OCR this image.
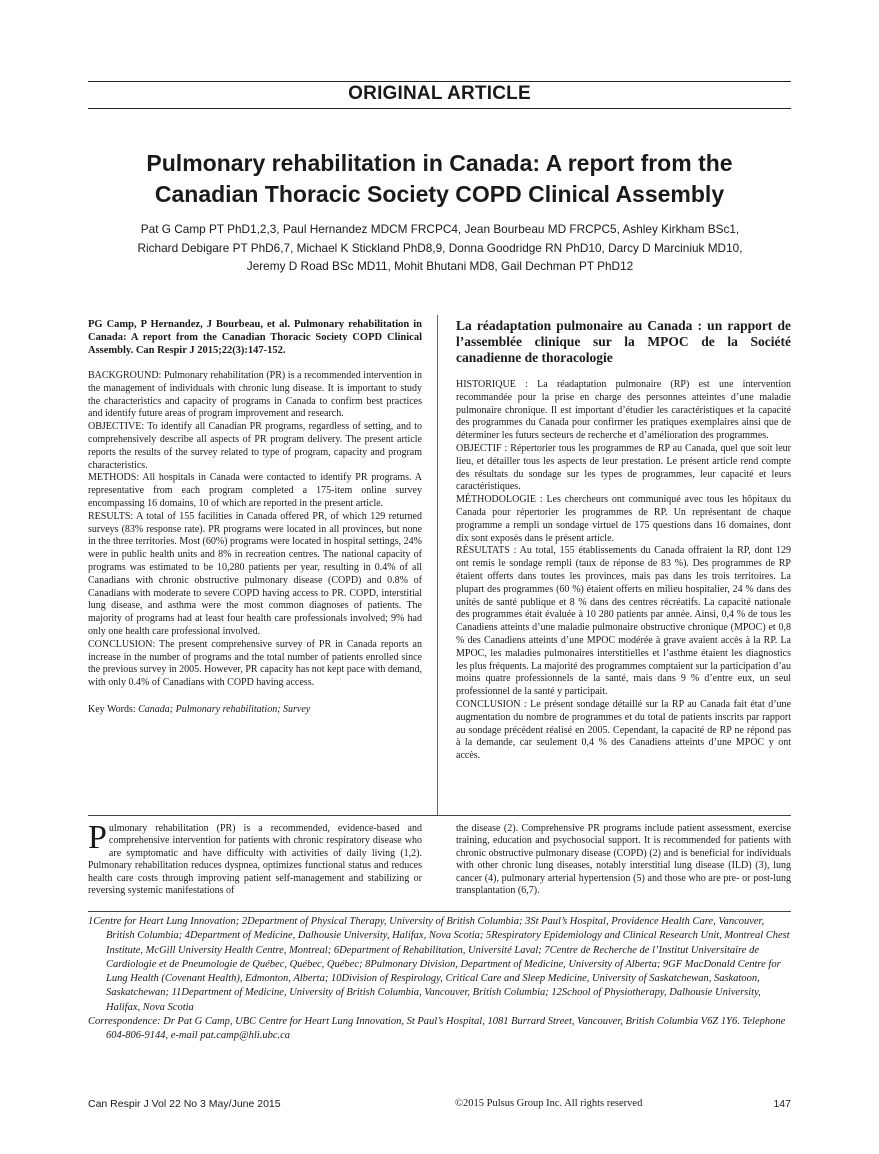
ORIGINAL ARTICLE
Pulmonary rehabilitation in Canada: A report from the
Canadian Thoracic Society COPD Clinical Assembly
Pat G Camp PT PhD1,2,3, Paul Hernandez MDCM FRCPC4, Jean Bourbeau MD FRCPC5, Ashley Kirkham BSc1,
Richard Debigare PT PhD6,7, Michael K Stickland PhD8,9, Donna Goodridge RN PhD10, Darcy D Marciniuk MD10,
Jeremy D Road BSc MD11, Mohit Bhutani MD8, Gail Dechman PT PhD12
PG Camp, P Hernandez, J Bourbeau, et al. Pulmonary rehabilitation in Canada: A report from the Canadian Thoracic Society COPD Clinical Assembly. Can Respir J 2015;22(3):147-152.

BACKGROUND: Pulmonary rehabilitation (PR) is a recommended intervention in the management of individuals with chronic lung disease. It is important to study the characteristics and capacity of programs in Canada to confirm best practices and identify future areas of program improvement and research.

OBJECTIVE: To identify all Canadian PR programs, regardless of setting, and to comprehensively describe all aspects of PR program delivery. The present article reports the results of the survey related to type of program, capacity and program characteristics.

METHODS: All hospitals in Canada were contacted to identify PR programs. A representative from each program completed a 175-item online survey encompassing 16 domains, 10 of which are reported in the present article.

RESULTS: A total of 155 facilities in Canada offered PR, of which 129 returned surveys (83% response rate). PR programs were located in all provinces, but none in the three territories. Most (60%) programs were located in hospital settings, 24% were in public health units and 8% in recreation centres. The national capacity of programs was estimated to be 10,280 patients per year, resulting in 0.4% of all Canadians with chronic obstructive pulmonary disease (COPD) and 0.8% of Canadians with moderate to severe COPD having access to PR. COPD, interstitial lung disease, and asthma were the most common diagnoses of patients. The majority of programs had at least four health care professionals involved; 9% had only one health care professional involved.

CONCLUSION: The present comprehensive survey of PR in Canada reports an increase in the number of programs and the total number of patients enrolled since the previous survey in 2005. However, PR capacity has not kept pace with demand, with only 0.4% of Canadians with COPD having access.

Key Words: Canada; Pulmonary rehabilitation; Survey

La réadaptation pulmonaire au Canada : un rapport de l’assemblée clinique sur la MPOC de la Société canadienne de thoracologie

HISTORIQUE : La réadaptation pulmonaire (RP) est une intervention recommandée pour la prise en charge des personnes atteintes d’une maladie pulmonaire chronique. Il est important d’étudier les caractéristiques et la capacité des programmes du Canada pour confirmer les pratiques exemplaires ainsi que de déterminer les futurs secteurs de recherche et d’amélioration des programmes.

OBJECTIF : Répertorier tous les programmes de RP au Canada, quel que soit leur lieu, et détailler tous les aspects de leur prestation. Le présent article rend compte des résultats du sondage sur les types de programmes, leur capacité et leurs caractéristiques.

MÉTHODOLOGIE : Les chercheurs ont communiqué avec tous les hôpitaux du Canada pour répertorier les programmes de RP. Un représentant de chaque programme a rempli un sondage virtuel de 175 questions dans 16 domaines, dont dix sont exposés dans le présent article.

RÉSULTATS : Au total, 155 établissements du Canada offraient la RP, dont 129 ont remis le sondage rempli (taux de réponse de 83 %). Des programmes de RP étaient offerts dans toutes les provinces, mais pas dans les trois territoires. La plupart des programmes (60 %) étaient offerts en milieu hospitalier, 24 % dans des unités de santé publique et 8 % dans des centres récréatifs. La capacité nationale des programmes était évaluée à 10 280 patients par année. Ainsi, 0,4 % de tous les Canadiens atteints d’une maladie pulmonaire obstructive chronique (MPOC) et 0,8 % des Canadiens atteints d’une MPOC modérée à grave avaient accès à la RP. La MPOC, les maladies pulmonaires interstitielles et l’asthme étaient les diagnostics les plus fréquents. La majorité des programmes comptaient sur la participation d’au moins quatre professionnels de la santé, mais dans 9 % d’entre eux, un seul professionnel de la santé y participait.

CONCLUSION : Le présent sondage détaillé sur la RP au Canada fait état d’une augmentation du nombre de programmes et du total de patients inscrits par rapport au sondage précédent réalisé en 2005. Cependant, la capacité de RP ne répond pas à la demande, car seulement 0,4 % des Canadiens atteints d’une MPOC y ont accès.

Pulmonary rehabilitation (PR) is a recommended, evidence-based and comprehensive intervention for patients with chronic respiratory disease who are symptomatic and have difficulty with activities of daily living (1,2). Pulmonary rehabilitation reduces dyspnea, optimizes functional status and reduces health care costs through improving patient self-management and stabilizing or reversing systemic manifestations of
the disease (2). Comprehensive PR programs include patient assessment, exercise training, education and psychosocial support. It is recommended for patients with chronic obstructive pulmonary disease (COPD) (2) and is beneficial for individuals with other chronic lung diseases, notably interstitial lung disease (ILD) (3), lung cancer (4), pulmonary arterial hypertension (5) and those who are pre- or post-lung transplantation (6,7).

1Centre for Heart Lung Innovation; 2Department of Physical Therapy, University of British Columbia; 3St Paul’s Hospital, Providence Health Care, Vancouver, British Columbia; 4Department of Medicine, Dalhousie University, Halifax, Nova Scotia; 5Respiratory Epidemiology and Clinical Research Unit, Montreal Chest Institute, McGill University Health Centre, Montreal; 6Department of Rehabilitation, Université Laval; 7Centre de Recherche de l’Institut Universitaire de Cardiologie et de Pneumologie de Québec, Québec, Québec; 8Pulmonary Division, Department of Medicine, University of Alberta; 9GF MacDonald Centre for Lung Health (Covenant Health), Edmonton, Alberta; 10Division of Respirology, Critical Care and Sleep Medicine, University of Saskatchewan, Saskatoon, Saskatchewan; 11Department of Medicine, University of British Columbia, Vancouver, British Columbia; 12School of Physiotherapy, Dalhousie University, Halifax, Nova Scotia

Correspondence: Dr Pat G Camp, UBC Centre for Heart Lung Innovation, St Paul’s Hospital, 1081 Burrard Street, Vancouver, British Columbia V6Z 1Y6. Telephone 604-806-9144, e-mail pat.camp@hli.ubc.ca

Can Respir J Vol 22 No 3 May/June 2015	©2015 Pulsus Group Inc. All rights reserved	147
